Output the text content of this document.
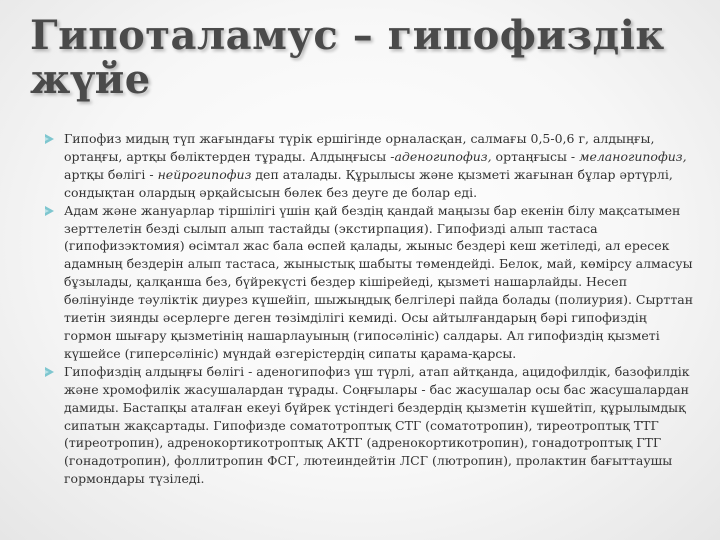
Гипоталамус – гипофиздік
жүйе
Гипофиз мидың түп жағындағы түрік ершігінде орналасқан, салмағы 0,5-0,6 г, алдыңғы, ортаңғы, артқы бөліктерден тұрады. Алдыңғысы -аденогипофиз, ортаңғысы - меланогипофиз, артқы бөлігі - нейрогипофиз деп аталады. Құрылысы және қызметі жағынан бұлар әртүрлі, сондықтан олардың әрқайсысын бөлек без деуге де болар еді.
Адам және жануарлар тіршілігі үшін қай бездің қандай маңызы бар екенін білу мақсатымен зерттелетін безді сылып алып тастайды (экстирпация). Гипофизді алып тастаса (гипофизэктомия) өсімтал жас бала өспей қалады, жыныс бездері кеш жетіледі, ал ересек адамның бездерін алып тастаса, жыныстық шабыты төмендейді. Белок, май, көмірсу алмасуы бұзылады, қалқанша без, бүйрекүсті бездер кішірейеді, қызметі нашарлайды. Несеп бөлінуінде тәуліктік диурез күшейіп, шыжыңдық белгілері пайда болады (полиурия). Сырттан тиетін зиянды әсерлерге деген төзімділігі кемиді. Осы айтылғандарың бәрі гипофиздің гормон шығару қызметінің нашарлауының (гипосәлініс) салдары. Ал гипофиздің қызметі күшейсе (гиперсәлініс) мүндай өзгерістердің сипаты қарама-қарсы.
Гипофиздің алдыңғы бөлігі - аденогипофиз үш түрлі, атап айтқанда, ацидофилдік, базофилдік және хромофилік жасушалардан тұрады. Соңғылары - бас жасушалар осы бас жасушалардан дамиды. Бастапқы аталған екеуі бүйрек үстіндегі бездердің қызметін күшейтіп, құрылымдық сипатын жақсартады. Гипофизде соматотроптық СТГ (соматотропин), тиреотроптық ТТГ (тиреотропин), адренокортикотроптық АКТГ (адренокортикотропин), гонадотроптық ГТГ (гонадотропин), фоллитропин ФСГ, лютеиндейтін ЛСГ (лютропин), пролактин бағыттаушы гормондары түзіледі.
